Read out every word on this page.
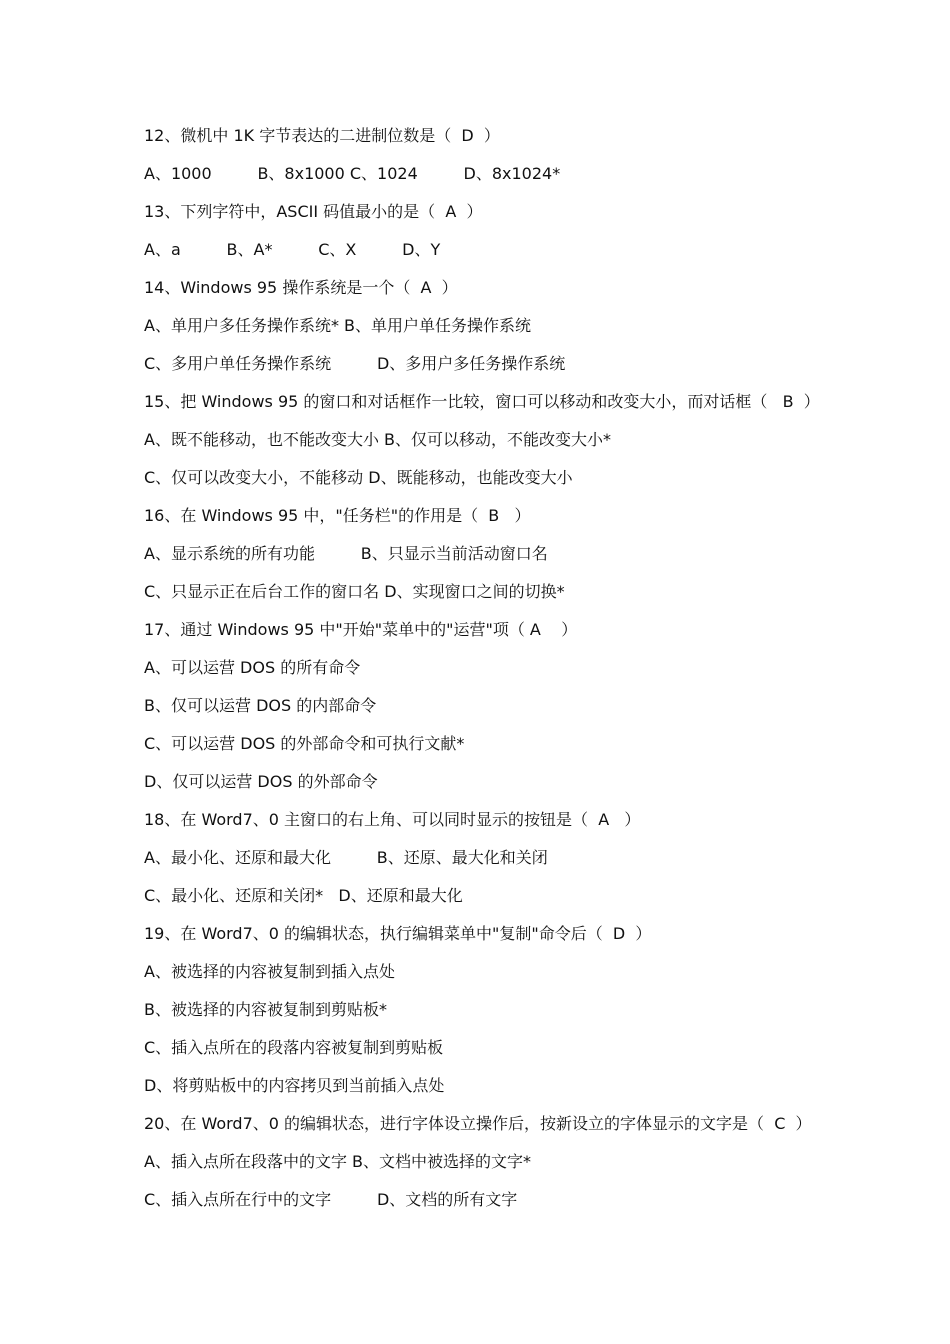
12、微机中 1K 字节表达的二进制位数是（  D  ）
A、1000         B、8x1000 C、1024         D、8x1024*
13、下列字符中，ASCII 码值最小的是（  A  ）
A、a         B、A*         C、X         D、Y
14、Windows 95 操作系统是一个（  A  ）
A、单用户多任务操作系统* B、单用户单任务操作系统
C、多用户单任务操作系统         D、多用户多任务操作系统
15、把 Windows 95 的窗口和对话框作一比较，窗口可以移动和改变大小，而对话框（   B  ）
A、既不能移动，也不能改变大小 B、仅可以移动，不能改变大小*
C、仅可以改变大小，不能移动 D、既能移动，也能改变大小
16、在 Windows 95 中，"任务栏"的作用是（  B   ）
A、显示系统的所有功能         B、只显示当前活动窗口名
C、只显示正在后台工作的窗口名 D、实现窗口之间的切换*
17、通过 Windows 95 中"开始"菜单中的"运营"项（ A    ）
A、可以运营 DOS 的所有命令
B、仅可以运营 DOS 的内部命令
C、可以运营 DOS 的外部命令和可执行文献*
D、仅可以运营 DOS 的外部命令
18、在 Word7、0 主窗口的右上角、可以同时显示的按钮是（  A   ）
A、最小化、还原和最大化         B、还原、最大化和关闭
C、最小化、还原和关闭*   D、还原和最大化
19、在 Word7、0 的编辑状态，执行编辑菜单中"复制"命令后（  D  ）
A、被选择的内容被复制到插入点处
B、被选择的内容被复制到剪贴板*
C、插入点所在的段落内容被复制到剪贴板
D、将剪贴板中的内容拷贝到当前插入点处
20、在 Word7、0 的编辑状态，进行字体设立操作后，按新设立的字体显示的文字是（  C  ）
A、插入点所在段落中的文字 B、文档中被选择的文字*
C、插入点所在行中的文字         D、文档的所有文字
